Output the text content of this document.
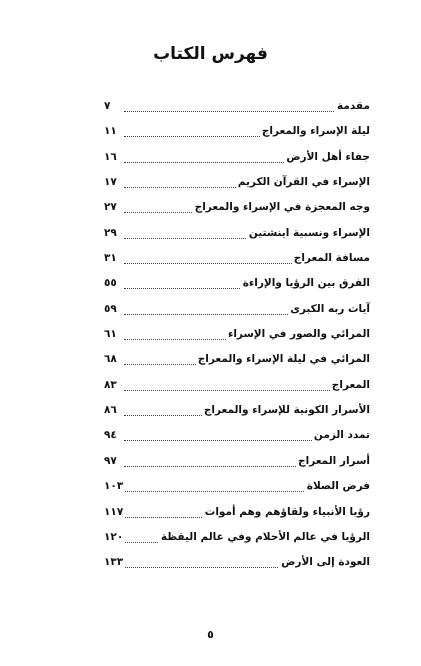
فهرس الكتاب
مقدمة
٧
ليلة الإسراء والمعراج
١١
جفاء أهل الأرض
١٦
الإسراء في القرآن الكريم
١٧
وجه المعجزة في الإسراء والمعراج
٢٧
الإسراء ونسبية اينشتين
٢٩
مسافة المعراج
٣١
الفرق بين الرؤيا والإراءة
٥٥
آيات ربه الكبرى
٥٩
المرائي والصور في الإسراء
٦١
المرائي في ليلة الإسراء والمعراج
٦٨
المعراج
٨٣
الأسرار الكونية للإسراء والمعراج
٨٦
تمدد الزمن
٩٤
أسرار المعراج
٩٧
فرض الصلاة
١٠٣
رؤيا الأنبياء ولقاؤهم وهم أموات
١١٧
الرؤيا في عالم الأحلام وفي عالم اليقظة
١٢٠
العودة إلى الأرض
١٣٣
٥
